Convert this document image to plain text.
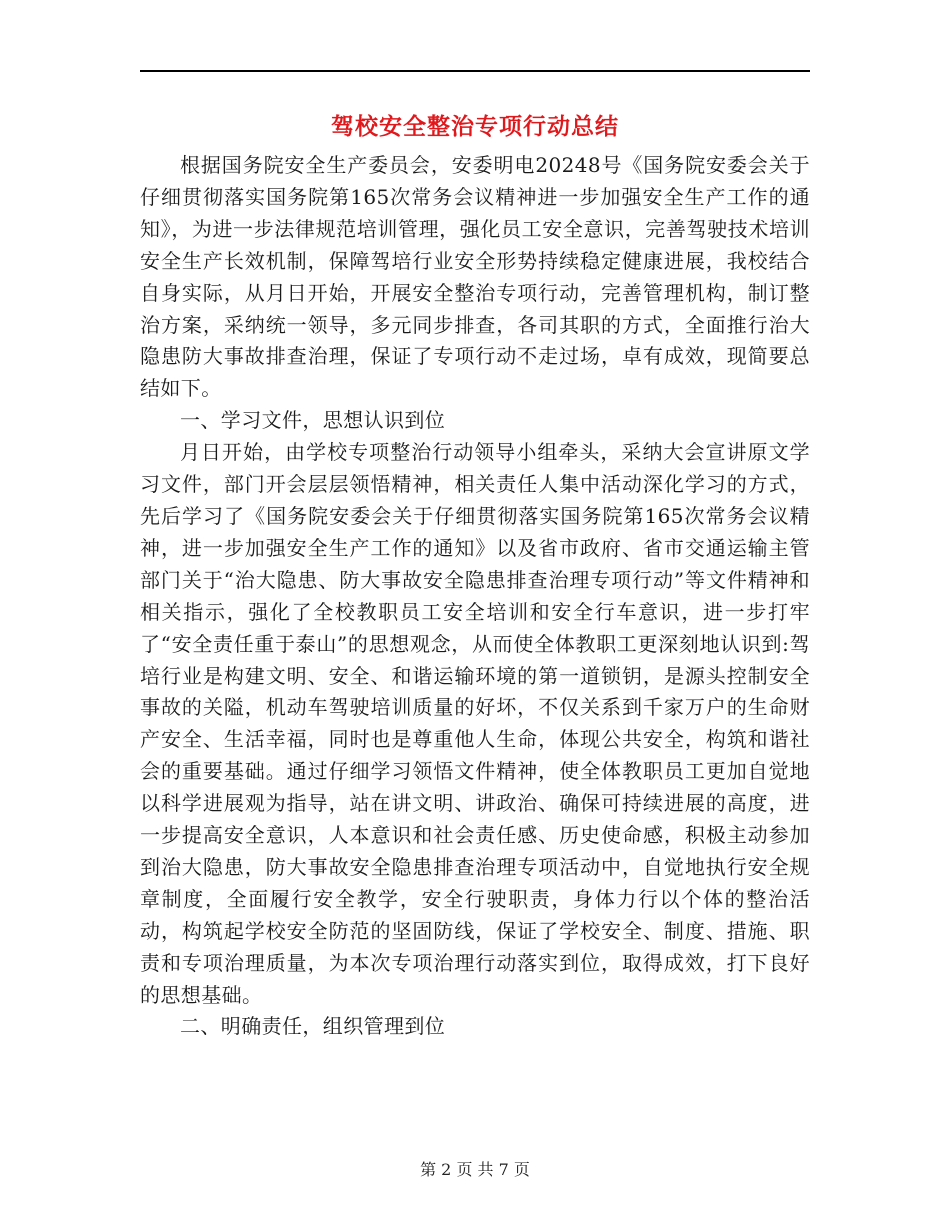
驾校安全整治专项行动总结

根据国务院安全生产委员会，安委明电20248号《国务院安委会关于仔细贯彻落实国务院第165次常务会议精神进一步加强安全生产工作的通知》，为进一步法律规范培训管理，强化员工安全意识，完善驾驶技术培训安全生产长效机制，保障驾培行业安全形势持续稳定健康进展，我校结合自身实际，从月日开始，开展安全整治专项行动，完善管理机构，制订整治方案，采纳统一领导，多元同步排查，各司其职的方式，全面推行治大隐患防大事故排查治理，保证了专项行动不走过场，卓有成效，现简要总结如下。

一、学习文件，思想认识到位

月日开始，由学校专项整治行动领导小组牵头，采纳大会宣讲原文学习文件，部门开会层层领悟精神，相关责任人集中活动深化学习的方式，先后学习了《国务院安委会关于仔细贯彻落实国务院第165次常务会议精神，进一步加强安全生产工作的通知》以及省市政府、省市交通运输主管部门关于“治大隐患、防大事故安全隐患排查治理专项行动”等文件精神和相关指示，强化了全校教职员工安全培训和安全行车意识，进一步打牢了“安全责任重于泰山”的思想观念，从而使全体教职工更深刻地认识到:驾培行业是构建文明、安全、和谐运输环境的第一道锁钥，是源头控制安全事故的关隘，机动车驾驶培训质量的好坏，不仅关系到千家万户的生命财产安全、生活幸福，同时也是尊重他人生命，体现公共安全，构筑和谐社会的重要基础。通过仔细学习领悟文件精神，使全体教职员工更加自觉地以科学进展观为指导，站在讲文明、讲政治、确保可持续进展的高度，进一步提高安全意识，人本意识和社会责任感、历史使命感，积极主动参加到治大隐患，防大事故安全隐患排查治理专项活动中，自觉地执行安全规章制度，全面履行安全教学，安全行驶职责，身体力行以个体的整治活动，构筑起学校安全防范的坚固防线，保证了学校安全、制度、措施、职责和专项治理质量，为本次专项治理行动落实到位，取得成效，打下良好的思想基础。

二、明确责任，组织管理到位

第 2 页 共 7 页
